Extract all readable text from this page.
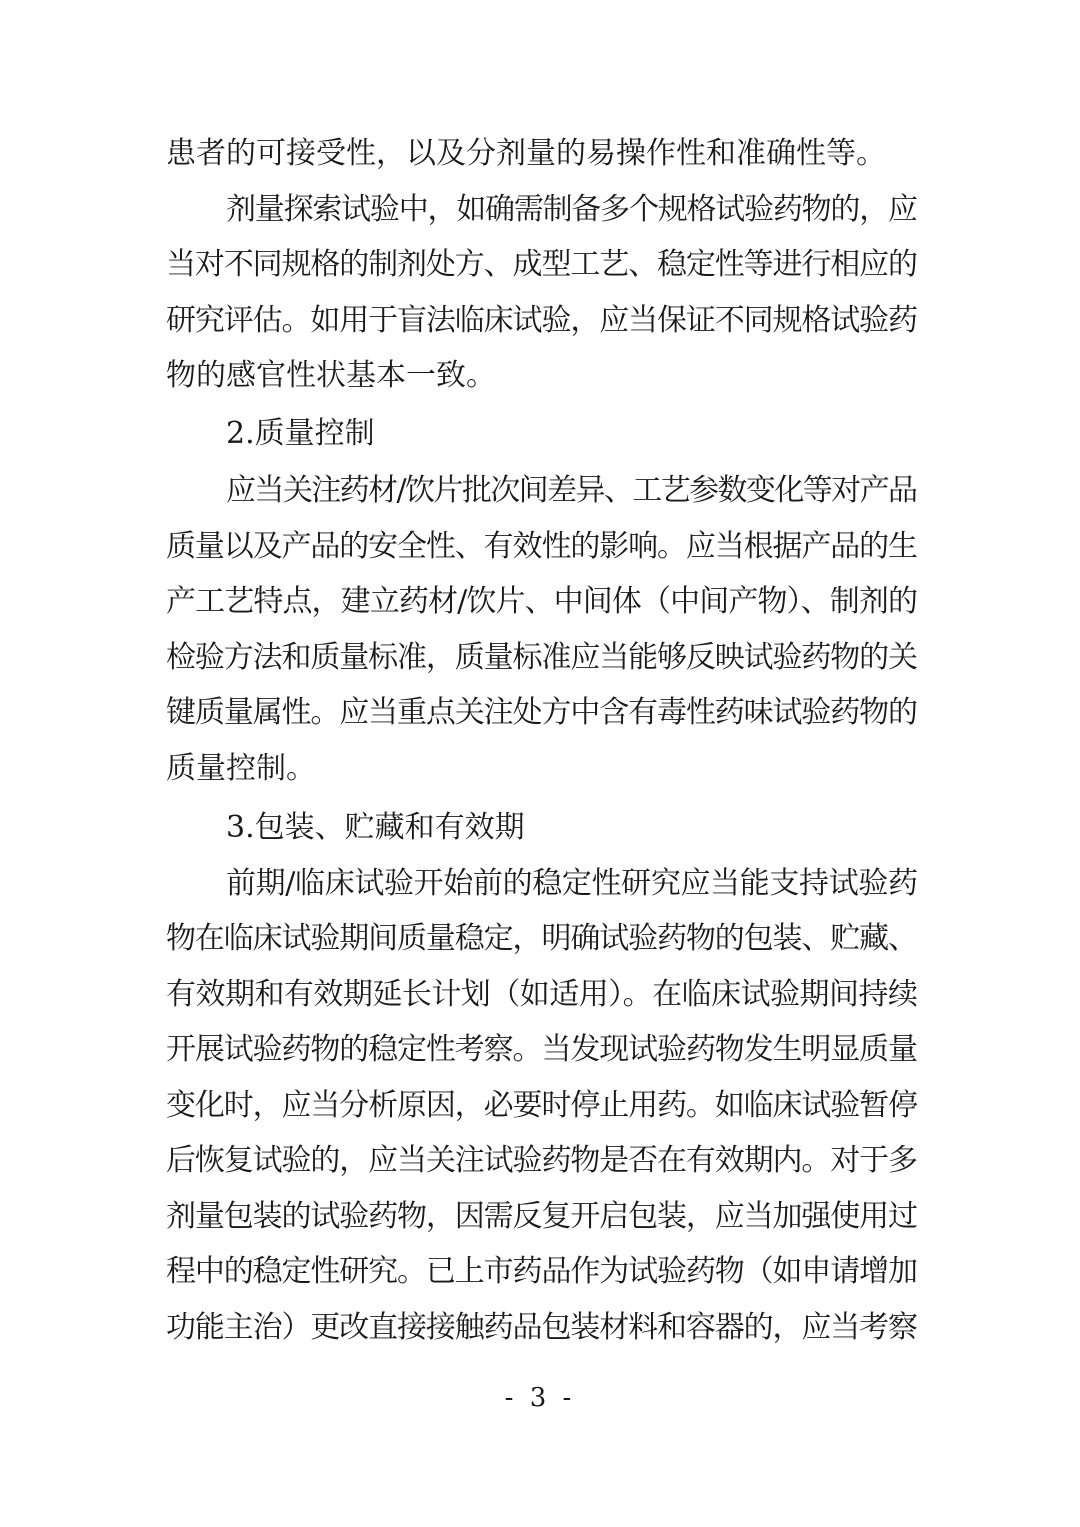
患者的可接受性，以及分剂量的易操作性和准确性等。
剂量探索试验中，如确需制备多个规格试验药物的，应
当对不同规格的制剂处方、成型工艺、稳定性等进行相应的
研究评估。如用于盲法临床试验，应当保证不同规格试验药
物的感官性状基本一致。
2.质量控制
应当关注药材/饮片批次间差异、工艺参数变化等对产品
质量以及产品的安全性、有效性的影响。应当根据产品的生
产工艺特点，建立药材/饮片、中间体（中间产物）、制剂的
检验方法和质量标准，质量标准应当能够反映试验药物的关
键质量属性。应当重点关注处方中含有毒性药味试验药物的
质量控制。
3.包装、贮藏和有效期
前期/临床试验开始前的稳定性研究应当能支持试验药
物在临床试验期间质量稳定，明确试验药物的包装、贮藏、
有效期和有效期延长计划（如适用）。在临床试验期间持续
开展试验药物的稳定性考察。当发现试验药物发生明显质量
变化时，应当分析原因，必要时停止用药。如临床试验暂停
后恢复试验的，应当关注试验药物是否在有效期内。对于多
剂量包装的试验药物，因需反复开启包装，应当加强使用过
程中的稳定性研究。已上市药品作为试验药物（如申请增加
功能主治）更改直接接触药品包装材料和容器的，应当考察
- 3 -
